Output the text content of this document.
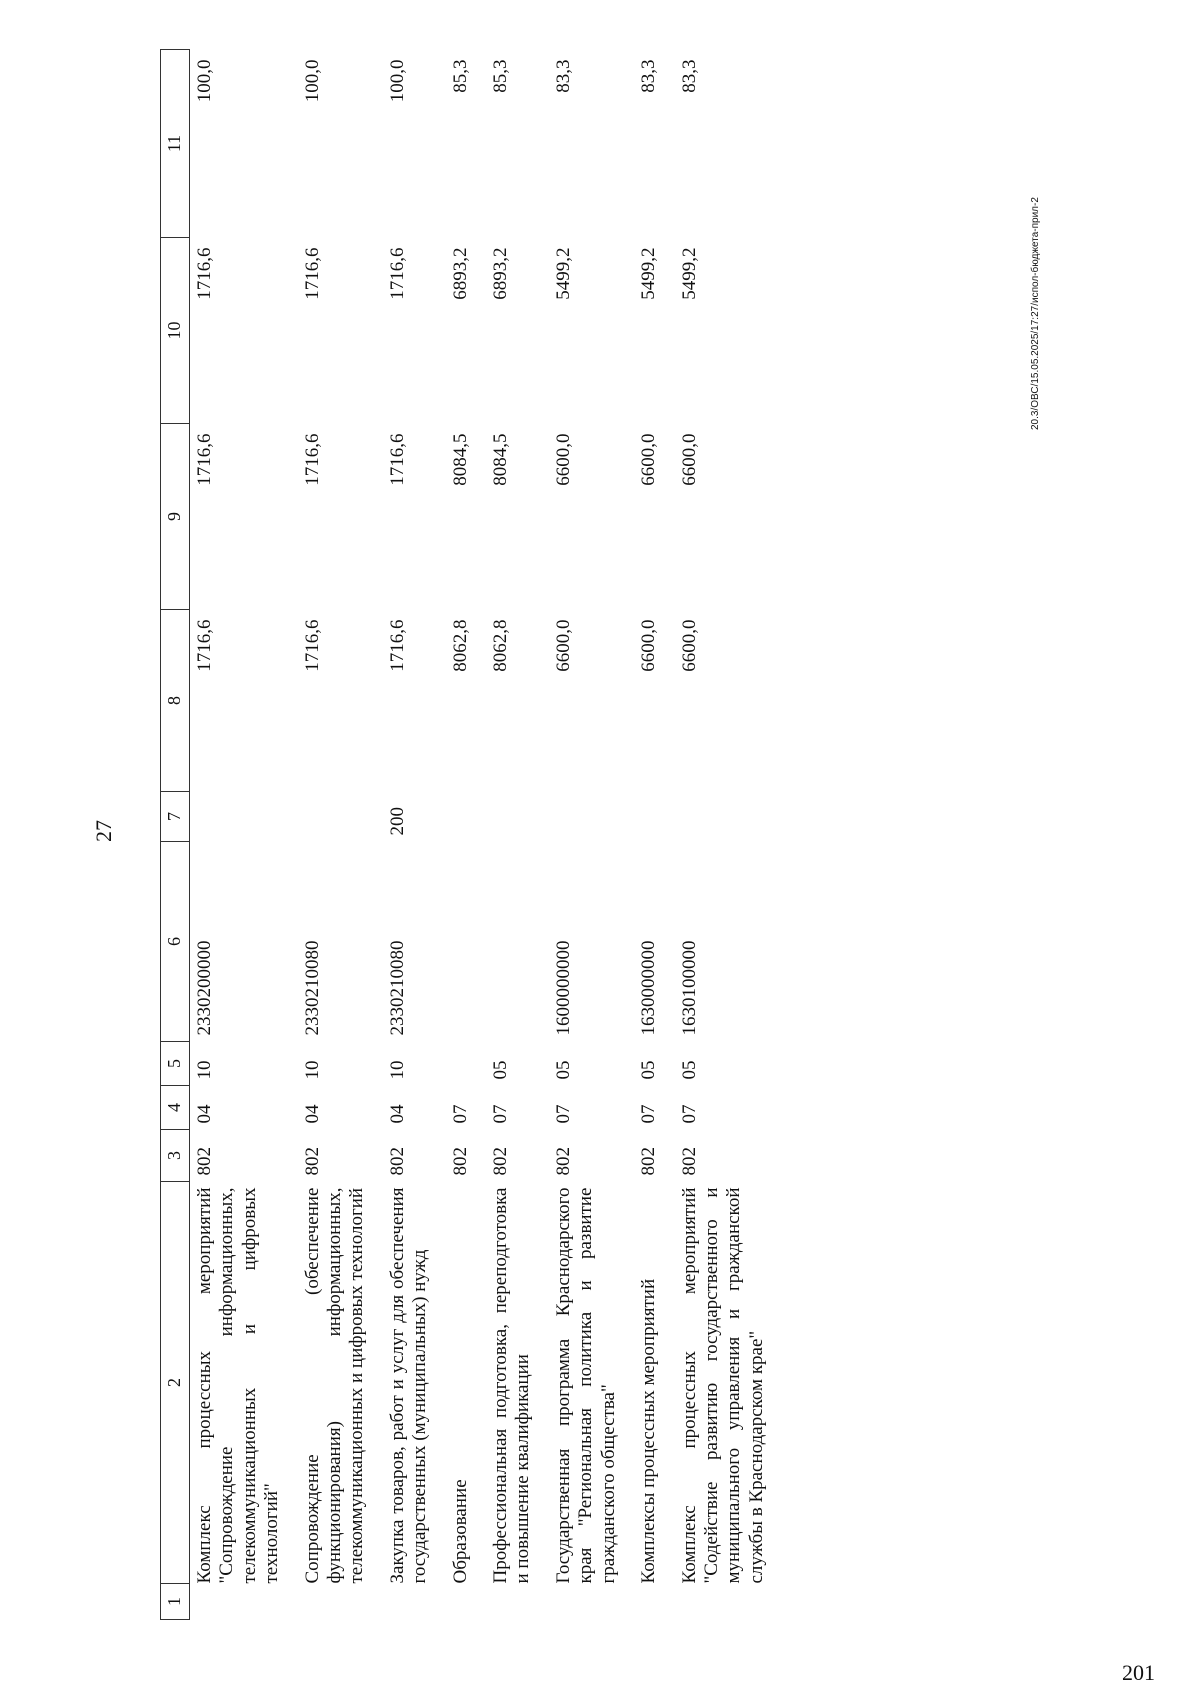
27
20.3/ОВС/15.05.2025/17:27/испол-бюджета-прил-2
201
1	2	3	4	5	6	7	8	9	10	11
Комплекс процессных мероприятий "Сопровождение информационных, телекоммуникационных и цифровых технологий"		802	04	10	2330200000		1716,6	1716,6	1716,6	100,0
Сопровождение (обеспечение функционирования) информационных, телекоммуникационных и цифровых технологий		802	04	10	2330210080		1716,6	1716,6	1716,6	100,0
Закупка товаров, работ и услуг для обеспечения государственных (муниципальных) нужд		802	04	10	2330210080	200	1716,6	1716,6	1716,6	100,0
Образование		802	07				8062,8	8084,5	6893,2	85,3
Профессиональная подготовка, переподготовка и повышение квалификации		802	07	05			8062,8	8084,5	6893,2	85,3
Государственная программа Краснодарского края "Региональная политика и развитие гражданского общества"		802	07	05	1600000000		6600,0	6600,0	5499,2	83,3
Комплексы процессных мероприятий		802	07	05	1630000000		6600,0	6600,0	5499,2	83,3
Комплекс процессных мероприятий "Содействие развитию государственного и муниципального управления и гражданской службы в Краснодарском крае"		802	07	05	1630100000		6600,0	6600,0	5499,2	83,3
